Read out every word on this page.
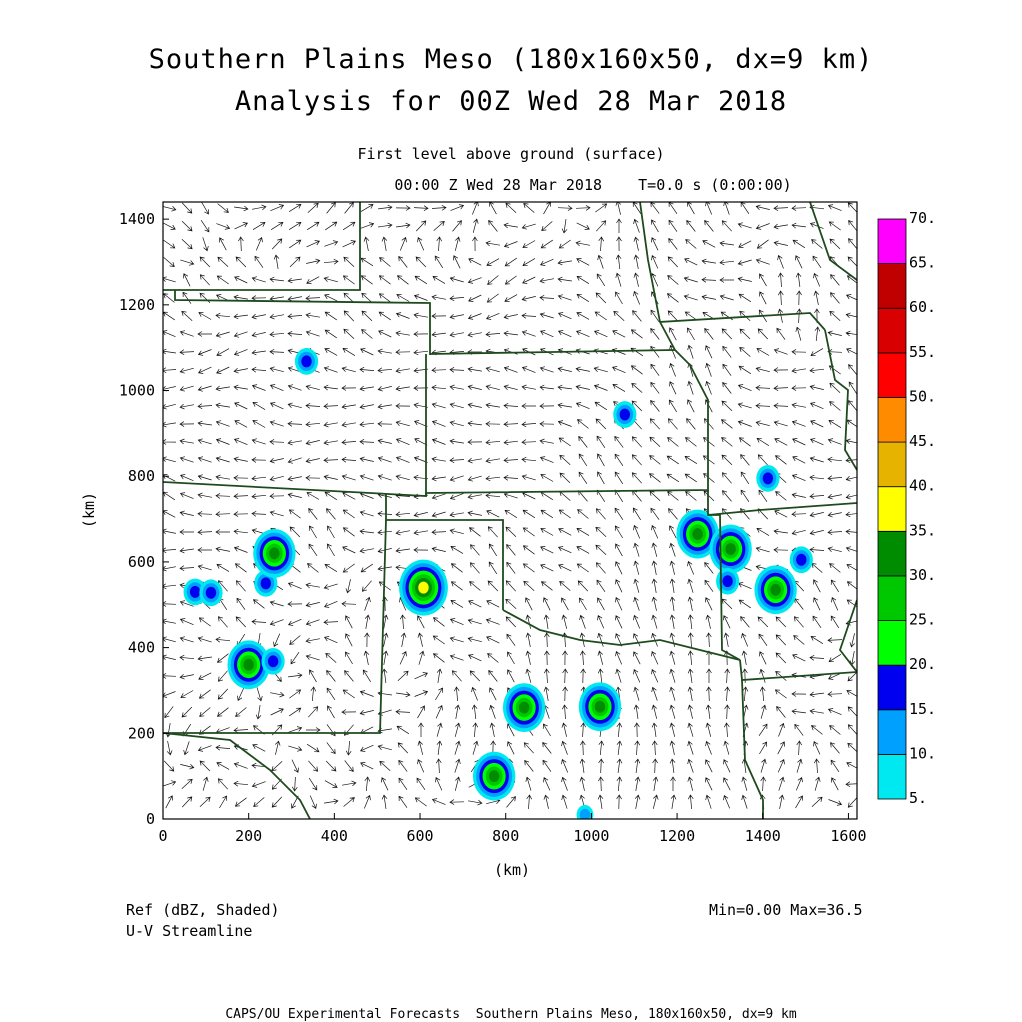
Southern Plains Meso (180x160x50, dx=9 km)
Analysis for 00Z Wed 28 Mar 2018
First level above ground (surface)
00:00 Z Wed 28 Mar 2018    T=0.0 s (0:00:00)
0	200	400	600	800	1000	1200	1400	1600
0
200
400
600
800
1000
1200
1400
5.
10.
15.
20.
25.
30.
35.
40.
45.
50.
55.
60.
65.
70.
(km)
(km)
Ref (dBZ, Shaded)
U-V Streamline
Min=0.00 Max=36.5
CAPS/OU Experimental Forecasts  Southern Plains Meso, 180x160x50, dx=9 km
